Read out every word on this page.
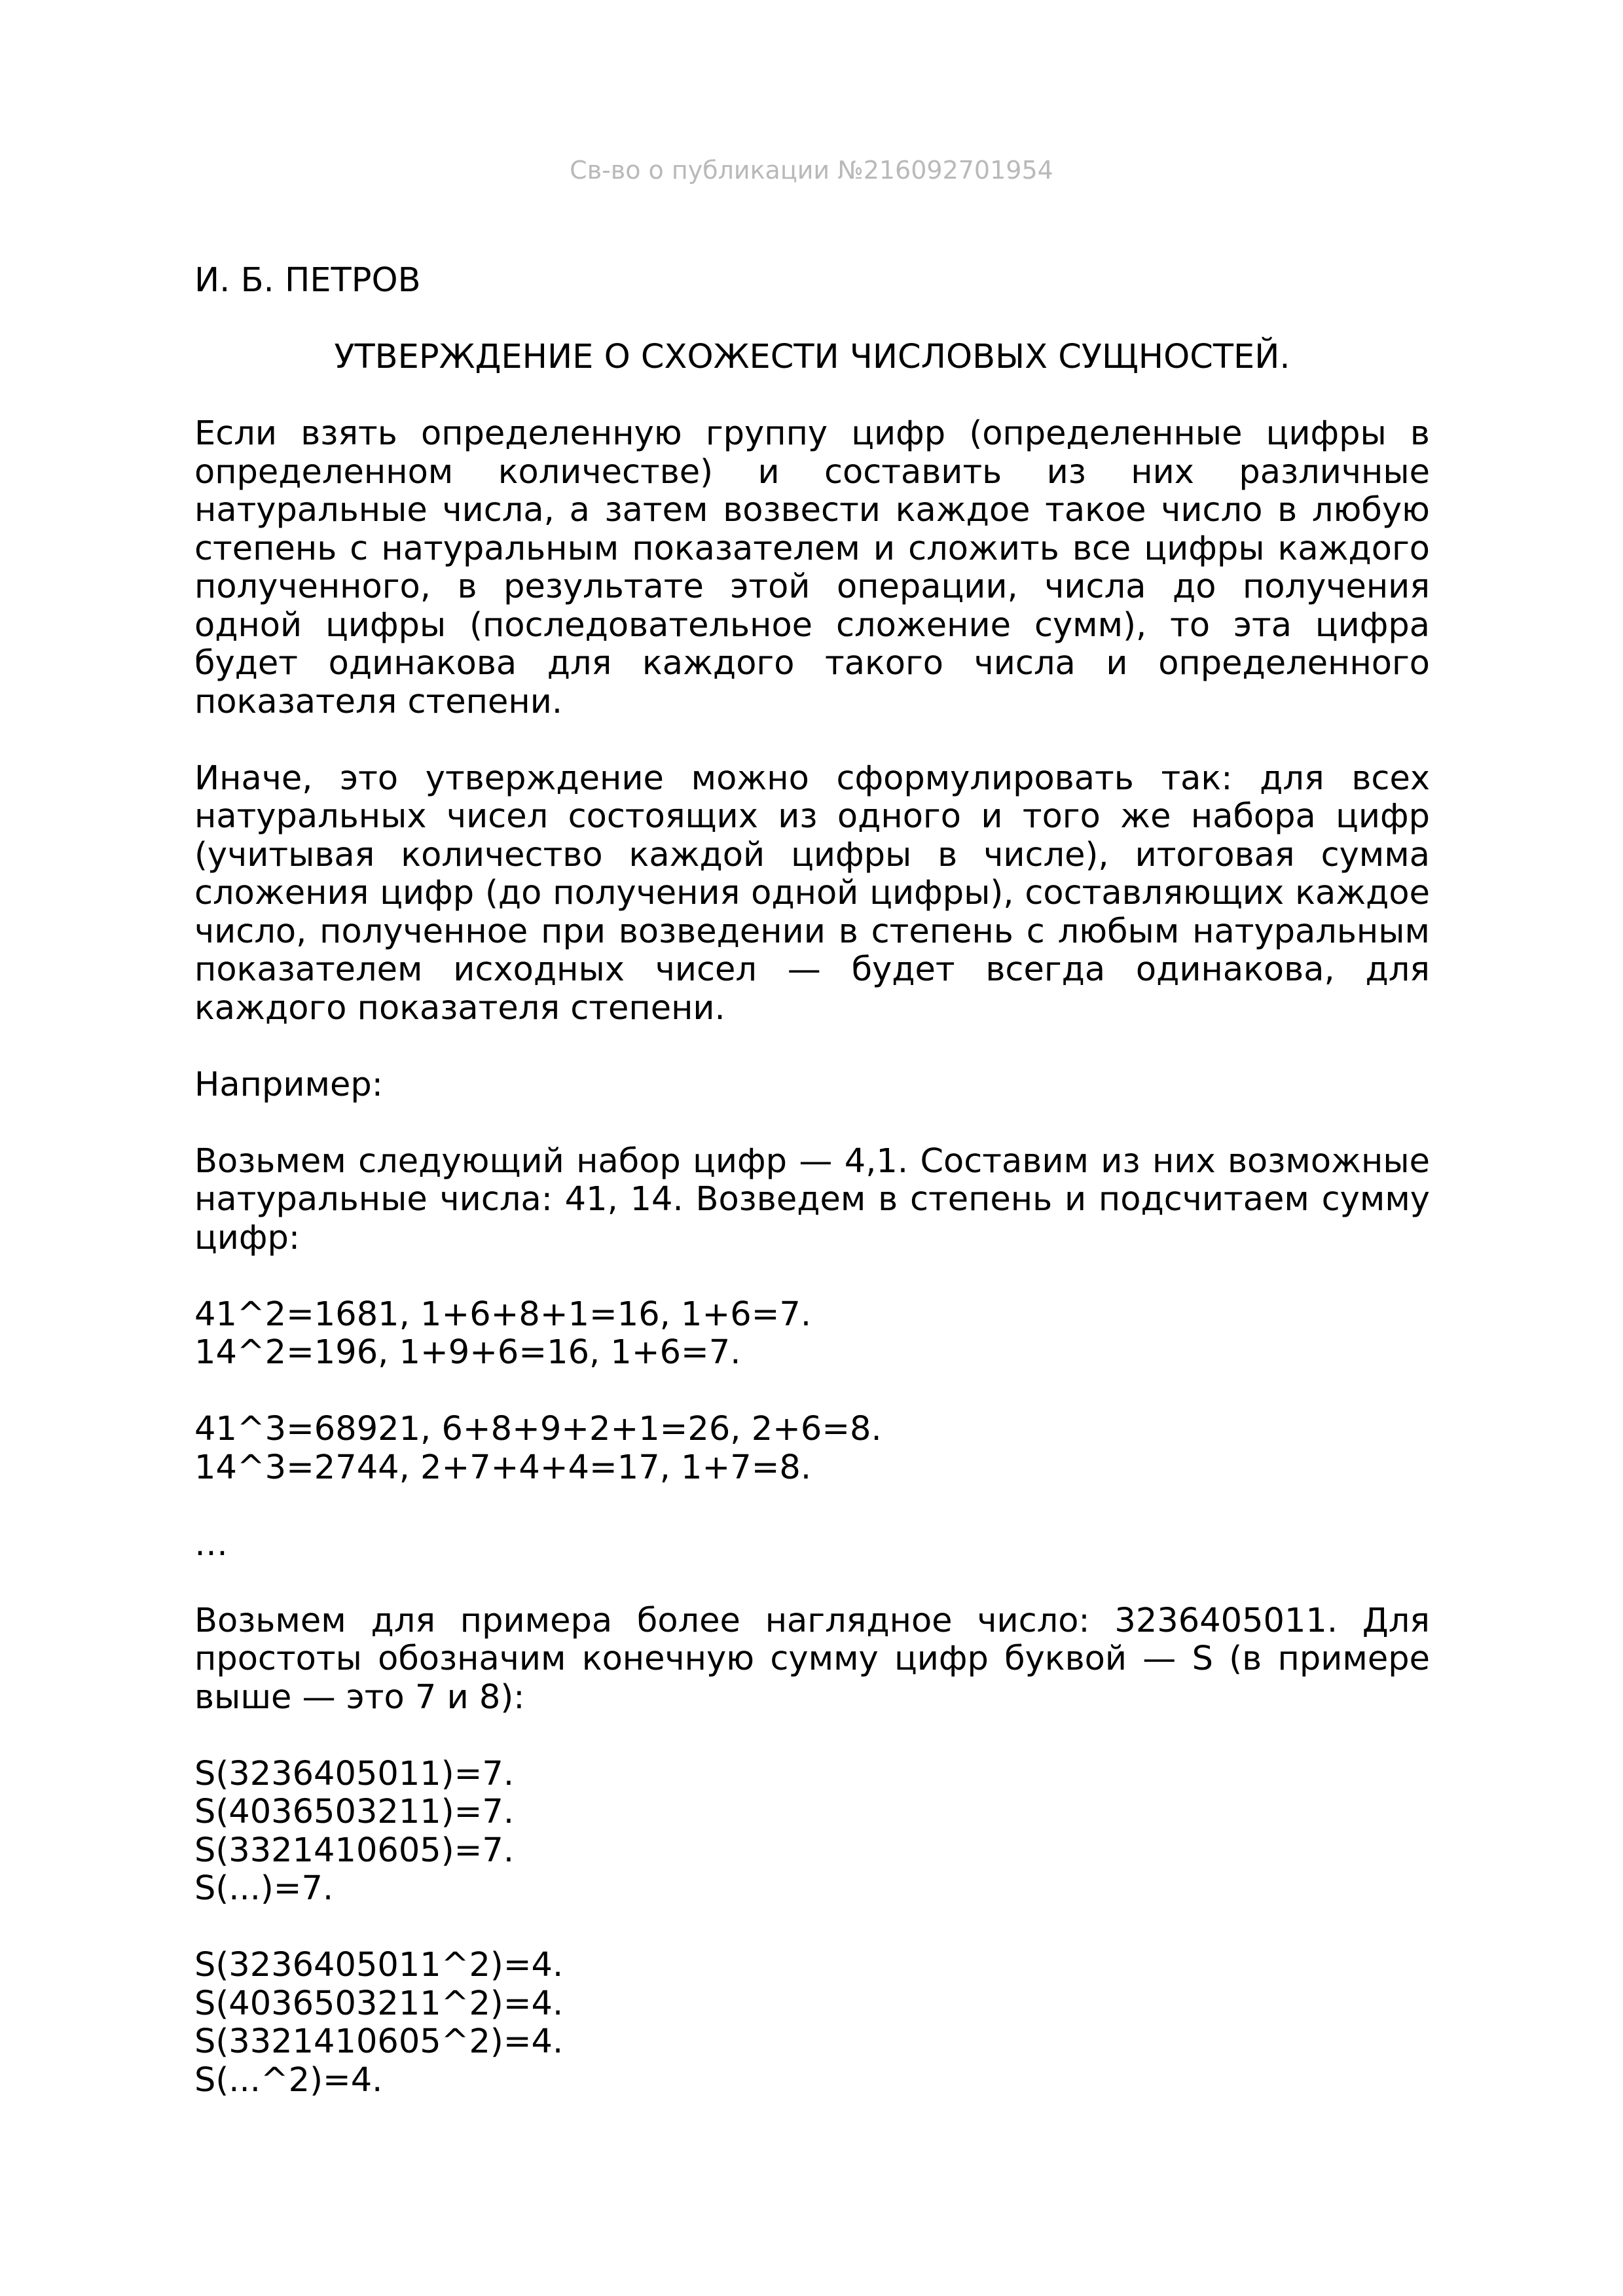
Св-во о публикации №216092701954

И. Б. ПЕТРОВ

УТВЕРЖДЕНИЕ О СХОЖЕСТИ ЧИСЛОВЫХ СУЩНОСТЕЙ.

Если взять определенную группу цифр (определенные цифры в определенном количестве) и составить из них различные натуральные числа, а затем возвести каждое такое число в любую степень с натуральным показателем и сложить все цифры каждого полученного, в результате этой операции, числа до получения одной цифры (последовательное сложение сумм), то эта цифра будет одинакова для каждого такого числа и определенного показателя степени.

Иначе, это утверждение можно сформулировать так: для всех натуральных чисел состоящих из одного и того же набора цифр (учитывая количество каждой цифры в числе), итоговая сумма сложения цифр (до получения одной цифры), составляющих каждое число, полученное при возведении в степень с любым натуральным показателем исходных чисел — будет всегда одинакова, для каждого показателя степени.

Например:

Возьмем следующий набор цифр — 4,1. Составим из них возможные натуральные числа: 41, 14. Возведем в степень и подсчитаем сумму цифр:

41^2=1681, 1+6+8+1=16, 1+6=7.
14^2=196, 1+9+6=16, 1+6=7.
41^3=68921, 6+8+9+2+1=26, 2+6=8.
14^3=2744, 2+7+4+4=17, 1+7=8.

…

Возьмем для примера более наглядное число: 3236405011. Для простоты обозначим конечную сумму цифр буквой — S (в примере выше — это 7 и 8):

S(3236405011)=7.
S(4036503211)=7.
S(3321410605)=7.
S(...)=7.
S(3236405011^2)=4.
S(4036503211^2)=4.
S(3321410605^2)=4.
S(...^2)=4.
